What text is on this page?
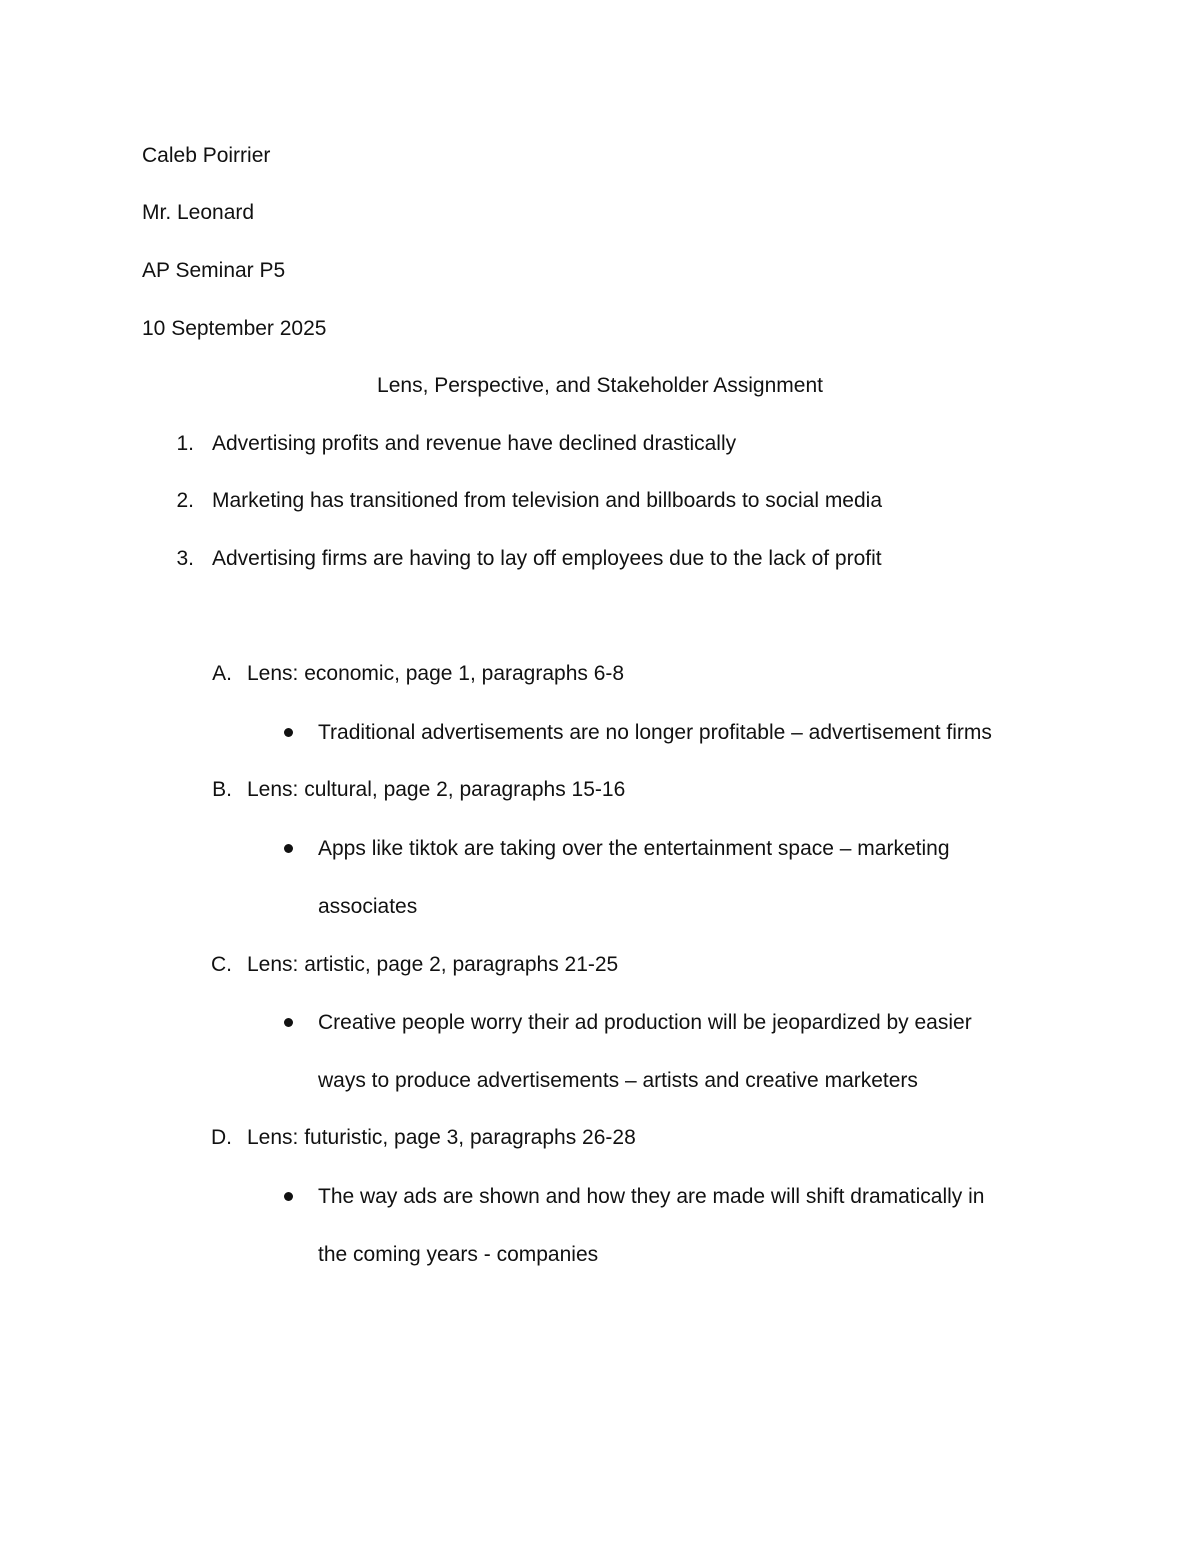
Caleb Poirrier
Mr. Leonard
AP Seminar P5
10 September 2025
Lens, Perspective, and Stakeholder Assignment
1. Advertising profits and revenue have declined drastically
2. Marketing has transitioned from television and billboards to social media
3. Advertising firms are having to lay off employees due to the lack of profit
A. Lens: economic, page 1, paragraphs 6-8
Traditional advertisements are no longer profitable – advertisement firms
B. Lens: cultural, page 2, paragraphs 15-16
Apps like tiktok are taking over the entertainment space – marketing
associates
C. Lens: artistic, page 2, paragraphs 21-25
Creative people worry their ad production will be jeopardized by easier
ways to produce advertisements – artists and creative marketers
D. Lens: futuristic, page 3, paragraphs 26-28
The way ads are shown and how they are made will shift dramatically in
the coming years - companies
